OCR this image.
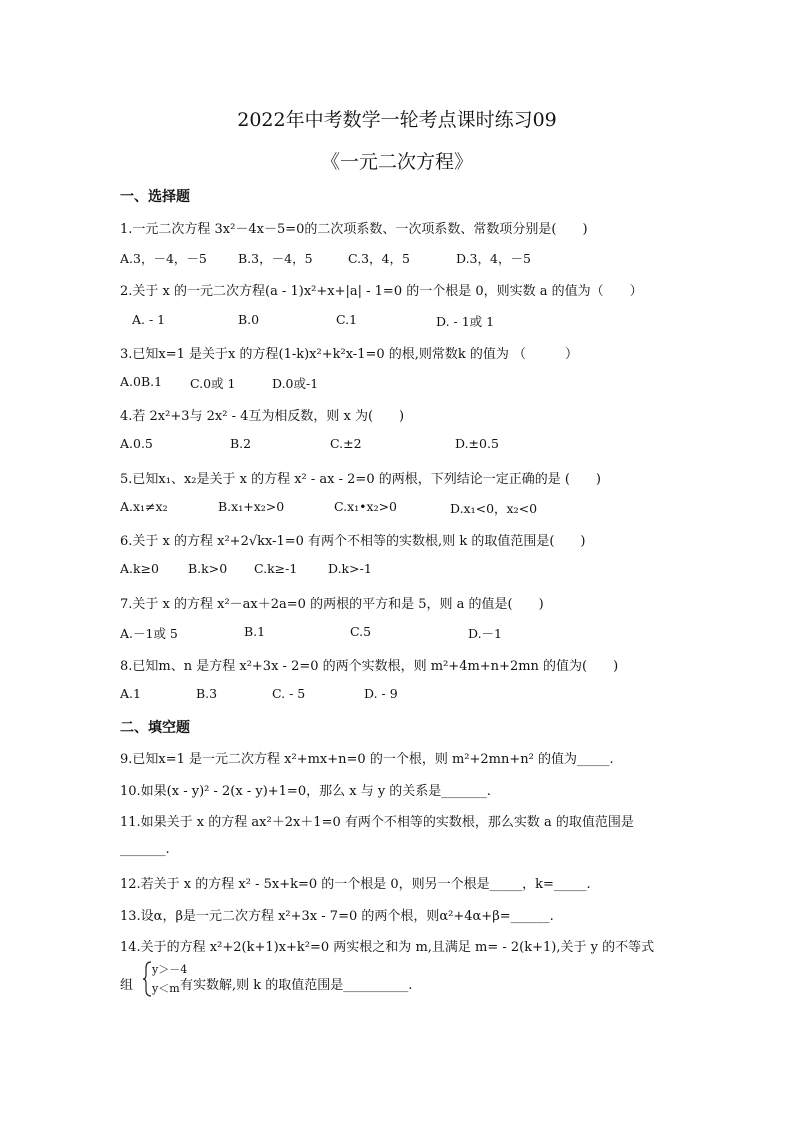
2022年中考数学一轮考点课时练习09
《一元二次方程》
一、选择题
1.一元二次方程 3x²－4x－5=0的二次项系数、一次项系数、常数项分别是(　　)
A.3，－4，－5 B.3，－4，5	C.3，4，5	D.3，4，－5
2.关于 x 的一元二次方程(a - 1)x²+x+|a| - 1=0 的一个根是 0，则实数 a 的值为（　　）
A. - 1	B.0	C.1	D. - 1或 1
3.已知x=1 是关于x 的方程(1-k)x²+k²x-1=0 的根,则常数k 的值为 （　　　）
A.0B.1 C.0或 1	D.0或-1
4.若 2x²+3与 2x² - 4互为相反数，则 x 为(　　)
A.0.5	B.2	C.±2	D.±0.5
5.已知x₁、x₂是关于 x 的方程 x² - ax - 2=0 的两根，下列结论一定正确的是 (　　)
A.x₁≠x₂	B.x₁+x₂>0	C.x₁•x₂>0	D.x₁<0，x₂<0
6.关于 x 的方程 x²+2√kx-1=0 有两个不相等的实数根,则 k 的取值范围是(　　)
A.k≥0 B.k>0 C.k≥-1 D.k>-1
7.关于 x 的方程 x²－ax＋2a=0 的两根的平方和是 5，则 a 的值是(　　)
A.－1或 5	B.1	C.5	D.－1
8.已知m、n 是方程 x²+3x - 2=0 的两个实数根，则 m²+4m+n+2mn 的值为(　　)
A.1	B.3	C. - 5	D. - 9
二、填空题
9.已知x=1 是一元二次方程 x²+mx+n=0 的一个根，则 m²+2mn+n² 的值为_____.
10.如果(x - y)² - 2(x - y)+1=0，那么 x 与 y 的关系是_______.
11.如果关于 x 的方程 ax²＋2x＋1=0 有两个不相等的实数根，那么实数 a 的取值范围是
_______.
12.若关于 x 的方程 x² - 5x+k=0 的一个根是 0，则另一个根是_____，k=_____.
13.设α，β是一元二次方程 x²+3x - 7=0 的两个根，则α²+4α+β=______.
14.关于的方程 x²+2(k+1)x+k²=0 两实根之和为 m,且满足 m= - 2(k+1),关于 y 的不等式
组
y＞－4
y＜m 有实数解,则 k 的取值范围是__________.
